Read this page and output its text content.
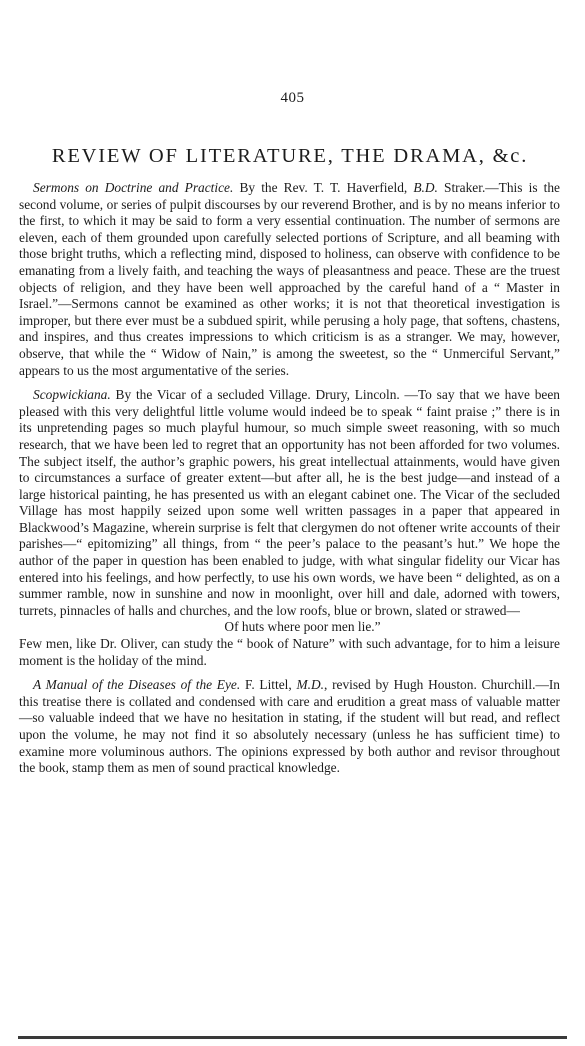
405
REVIEW OF LITERATURE, THE DRAMA, &c.

Sermons on Doctrine and Practice. By the Rev. T. T. Haverfield, B.D. Straker.—This is the second volume, or series of pulpit discourses by our reverend Brother, and is by no means inferior to the first, to which it may be said to form a very essential continuation. The number of sermons are eleven, each of them grounded upon carefully selected portions of Scripture, and all beaming with those bright truths, which a reflecting mind, disposed to holiness, can observe with confidence to be emanating from a lively faith, and teaching the ways of pleasantness and peace. These are the truest objects of religion, and they have been well approached by the careful hand of a “ Master in Israel.”—Sermons cannot be examined as other works; it is not that theoretical investigation is improper, but there ever must be a subdued spirit, while perusing a holy page, that softens, chastens, and inspires, and thus creates impressions to which criticism is as a stranger. We may, however, observe, that while the “ Widow of Nain,” is among the sweetest, so the “ Unmerciful Servant,” appears to us the most argumentative of the series.

Scopwickiana. By the Vicar of a secluded Village. Drury, Lincoln. —To say that we have been pleased with this very delightful little volume would indeed be to speak “ faint praise ;” there is in its unpretending pages so much playful humour, so much simple sweet reasoning, with so much research, that we have been led to regret that an opportunity has not been afforded for two volumes. The subject itself, the author’s graphic powers, his great intellectual attainments, would have given to circumstances a surface of greater extent—but after all, he is the best judge—and instead of a large historical painting, he has presented us with an elegant cabinet one. The Vicar of the secluded Village has most happily seized upon some well written passages in a paper that appeared in Blackwood’s Magazine, wherein surprise is felt that clergymen do not oftener write accounts of their parishes—“ epitomizing” all things, from “ the peer’s palace to the peasant’s hut.” We hope the author of the paper in question has been enabled to judge, with what singular fidelity our Vicar has entered into his feelings, and how perfectly, to use his own words, we have been “ delighted, as on a summer ramble, now in sunshine and now in moonlight, over hill and dale, adorned with towers, turrets, pinnacles of halls and churches, and the low roofs, blue or brown, slated or strawed—

Of huts where poor men lie.”

Few men, like Dr. Oliver, can study the “ book of Nature” with such advantage, for to him a leisure moment is the holiday of the mind.

A Manual of the Diseases of the Eye. F. Littel, M.D., revised by Hugh Houston. Churchill.—In this treatise there is collated and condensed with care and erudition a great mass of valuable matter—so valuable indeed that we have no hesitation in stating, if the student will but read, and reflect upon the volume, he may not find it so absolutely necessary (unless he has sufficient time) to examine more voluminous authors. The opinions expressed by both author and revisor throughout the book, stamp them as men of sound practical knowledge.
